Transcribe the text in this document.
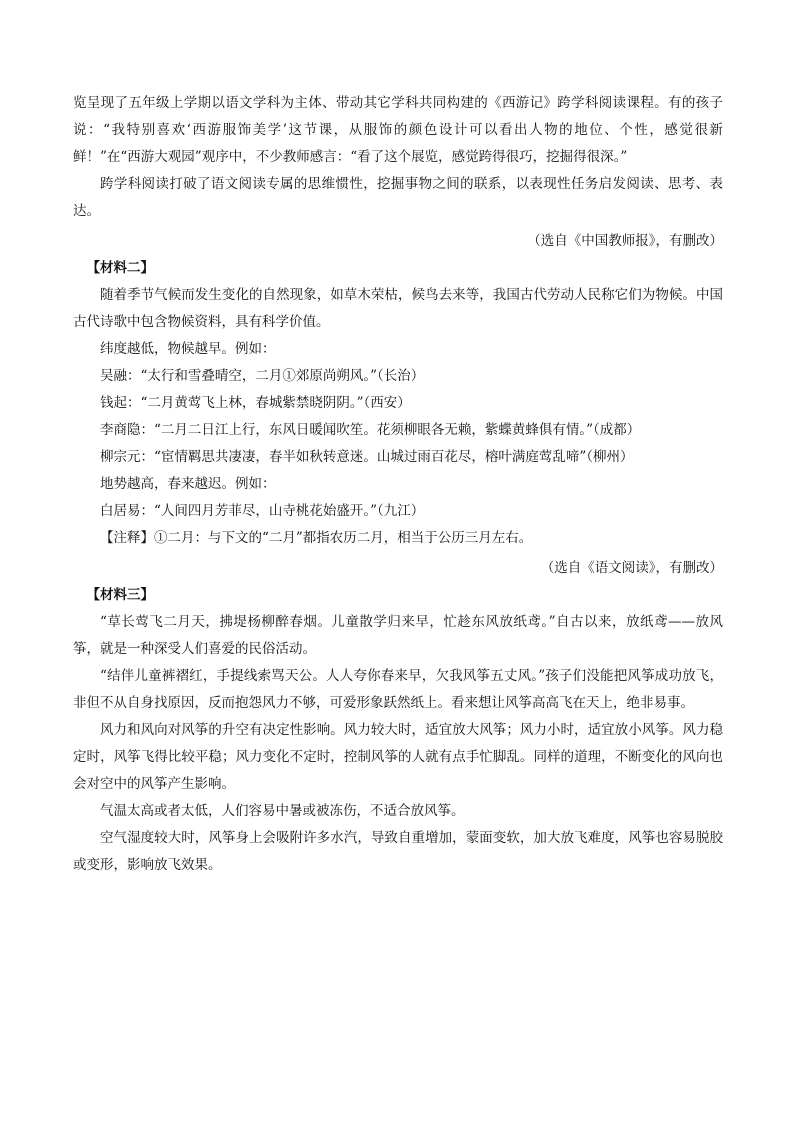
览呈现了五年级上学期以语文学科为主体、带动其它学科共同构建的《西游记》跨学科阅读课程。有的孩子说：“我特别喜欢‘西游服饰美学’这节课，从服饰的颜色设计可以看出人物的地位、个性，感觉很新鲜！”在“西游大观园”观序中，不少教师感言：“看了这个展览，感觉跨得很巧，挖掘得很深。”

跨学科阅读打破了语文阅读专属的思维惯性，挖掘事物之间的联系，以表现性任务启发阅读、思考、表达。

（选自《中国教师报》，有删改）

【材料二】

随着季节气候而发生变化的自然现象，如草木荣枯，候鸟去来等，我国古代劳动人民称它们为物候。中国古代诗歌中包含物候资料，具有科学价值。

纬度越低，物候越早。例如：

吴融：“太行和雪叠晴空，二月①郊原尚朔风。”（长治）

钱起：“二月黄莺飞上林，春城紫禁晓阴阴。”（西安）

李商隐：“二月二日江上行，东风日暖闻吹笙。花须柳眼各无赖，紫蝶黄蜂俱有情。”（成都）

柳宗元：“宦情羁思共凄凄，春半如秋转意迷。山城过雨百花尽，榕叶满庭莺乱啼”（柳州）

地势越高，春来越迟。例如：

白居易：“人间四月芳菲尽，山寺桃花始盛开。”（九江）

【注释】①二月：与下文的“二月”都指农历二月，相当于公历三月左右。

（选自《语文阅读》，有删改）

【材料三】

“草长莺飞二月天，拂堤杨柳醉春烟。儿童散学归来早，忙趁东风放纸鸢。”自古以来，放纸鸢——放风筝，就是一种深受人们喜爱的民俗活动。

“结伴儿童裤褶红，手提线索骂天公。人人夸你春来早，欠我风筝五丈风。”孩子们没能把风筝成功放飞，非但不从自身找原因，反而抱怨风力不够，可爱形象跃然纸上。看来想让风筝高高飞在天上，绝非易事。

风力和风向对风筝的升空有决定性影响。风力较大时，适宜放大风筝；风力小时，适宜放小风筝。风力稳定时，风筝飞得比较平稳；风力变化不定时，控制风筝的人就有点手忙脚乱。同样的道理，不断变化的风向也会对空中的风筝产生影响。

气温太高或者太低，人们容易中暑或被冻伤，不适合放风筝。

空气湿度较大时，风筝身上会吸附许多水汽，导致自重增加，蒙面变软，加大放飞难度，风筝也容易脱胶或变形，影响放飞效果。
